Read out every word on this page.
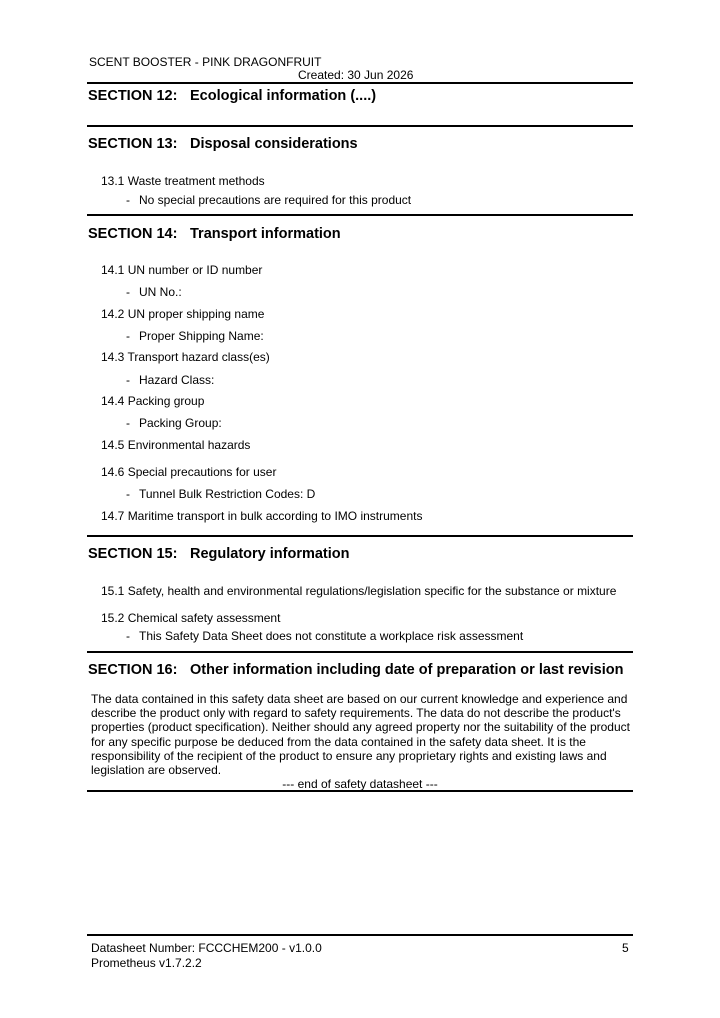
SCENT BOOSTER - PINK DRAGONFRUIT
Created: 30 Jun 2026
SECTION 12: Ecological information (....)
SECTION 13: Disposal considerations
13.1 Waste treatment methods
- No special precautions are required for this product
SECTION 14: Transport information
14.1 UN number or ID number
- UN No.:
14.2 UN proper shipping name
- Proper Shipping Name:
14.3 Transport hazard class(es)
- Hazard Class:
14.4 Packing group
- Packing Group:
14.5 Environmental hazards
14.6 Special precautions for user
- Tunnel Bulk Restriction Codes: D
14.7 Maritime transport in bulk according to IMO instruments
SECTION 15: Regulatory information
15.1 Safety, health and environmental regulations/legislation specific for the substance or mixture
15.2 Chemical safety assessment
- This Safety Data Sheet does not constitute a workplace risk assessment
SECTION 16: Other information including date of preparation or last revision
The data contained in this safety data sheet are based on our current knowledge and experience and describe the product only with regard to safety requirements. The data do not describe the product's properties (product specification). Neither should any agreed property nor the suitability of the product for any specific purpose be deduced from the data contained in the safety data sheet. It is the responsibility of the recipient of the product to ensure any proprietary rights and existing laws and legislation are observed.
--- end of safety datasheet ---
Datasheet Number: FCCCHEM200 - v1.0.0
Prometheus v1.7.2.2
5
